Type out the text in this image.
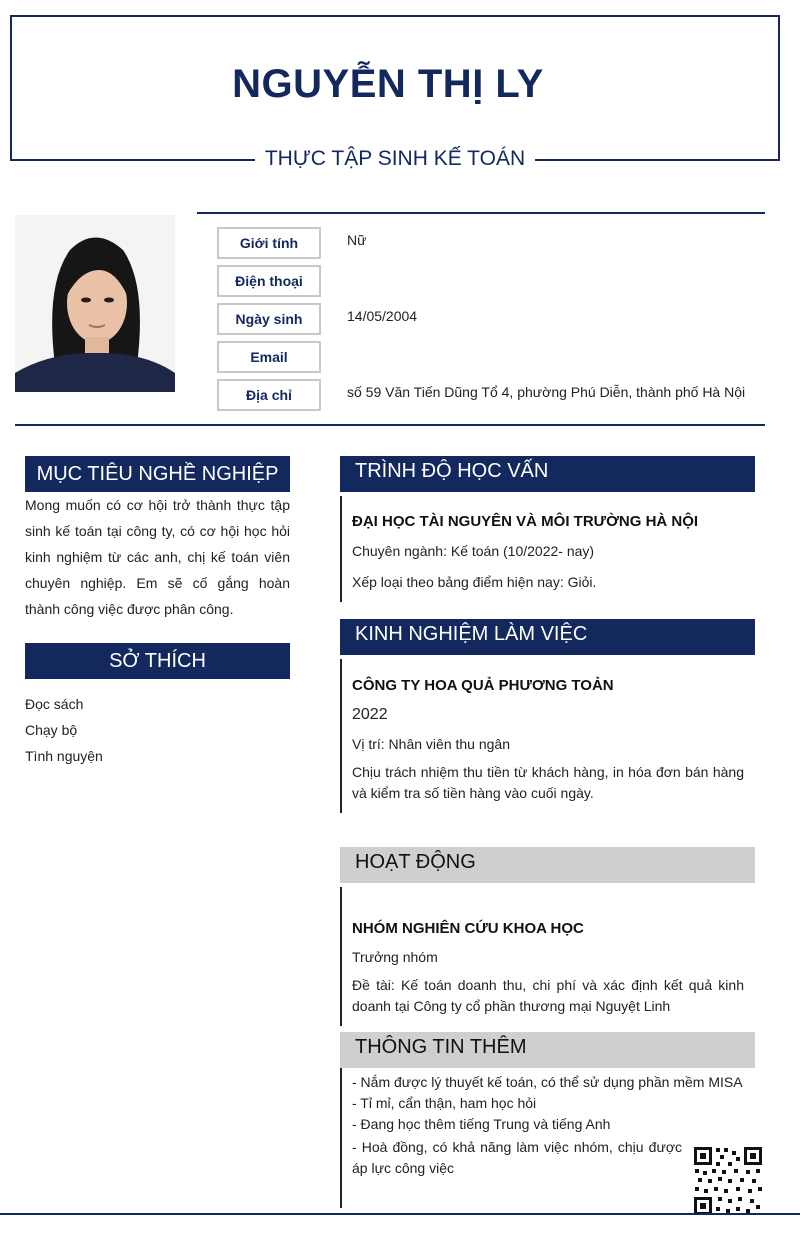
NGUYỄN THỊ LY
THỰC TẬP SINH KẾ TOÁN
Giới tính	Nữ
Điện thoại
Ngày sinh	14/05/2004
Email
Địa chỉ	số 59 Văn Tiến Dũng Tổ 4, phường Phú Diễn, thành phố Hà Nội
MỤC TIÊU NGHỀ NGHIỆP
Mong muốn có cơ hội trở thành thực tập sinh kế toán tại công ty, có cơ hội học hỏi kinh nghiệm từ các anh, chị kế toán viên chuyên nghiệp. Em sẽ cố gắng hoàn thành công việc được phân công.
SỞ THÍCH
Đọc sách
Chạy bộ
Tình nguyện
TRÌNH ĐỘ HỌC VẤN
ĐẠI HỌC TÀI NGUYÊN VÀ MÔI TRƯỜNG HÀ NỘI
Chuyên ngành: Kế toán (10/2022- nay)
Xếp loại theo bảng điểm hiện nay: Giỏi.
KINH NGHIỆM LÀM VIỆC
CÔNG TY HOA QUẢ PHƯƠNG TOẢN
2022
Vị trí: Nhân viên thu ngân
Chịu trách nhiệm thu tiền từ khách hàng, in hóa đơn bán hàng và kiểm tra số tiền hàng vào cuối ngày.
HOẠT ĐỘNG
NHÓM NGHIÊN CỨU KHOA HỌC
Trưởng nhóm
Đề tài: Kế toán doanh thu, chi phí và xác định kết quả kinh doanh tại Công ty cổ phần thương mại Nguyệt Linh
THÔNG TIN THÊM
- Nắm được lý thuyết kế toán, có thể sử dụng phần mềm MISA
- Tỉ mỉ, cẩn thận, ham học hỏi
- Đang học thêm tiếng Trung và tiếng Anh
- Hoà đồng, có khả năng làm việc nhóm, chịu được áp lực công việc
